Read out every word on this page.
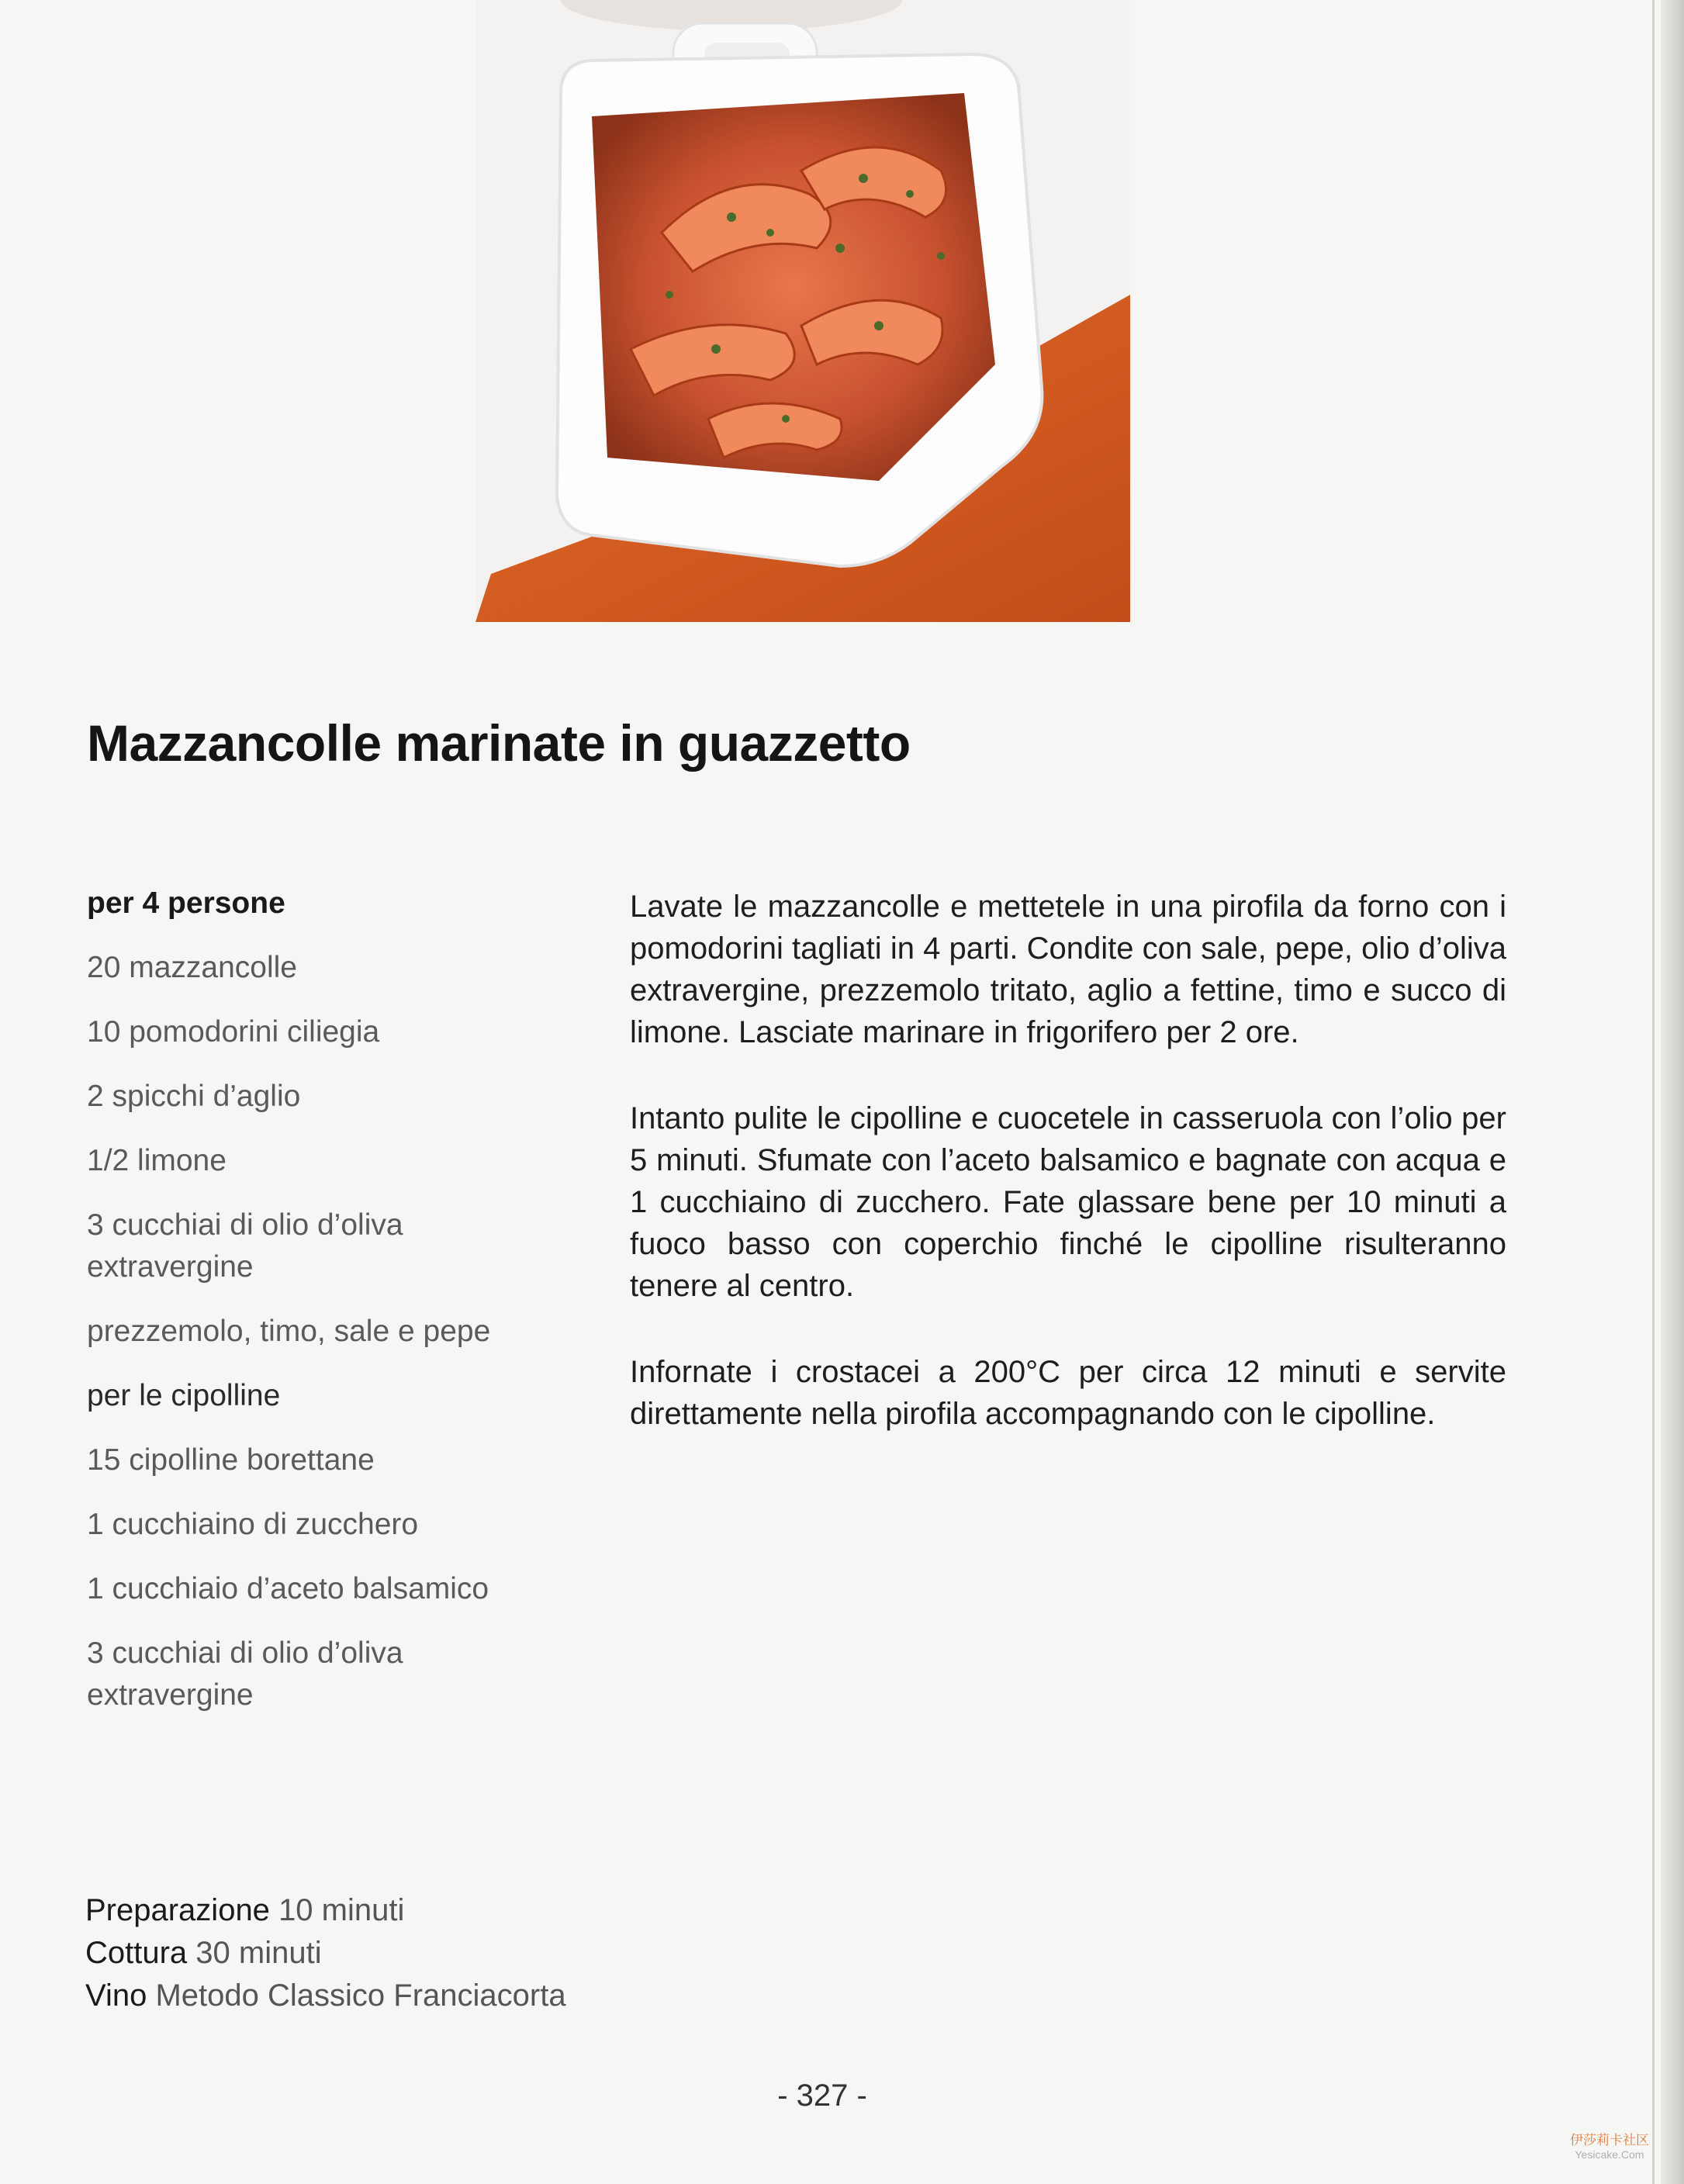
Mazzancolle marinate in guazzetto
per 4 persone
20 mazzancolle
10 pomodorini ciliegia
2 spicchi d’aglio
1/2 limone
3 cucchiai di olio d’oliva extravergine
prezzemolo, timo, sale e pepe
per le cipolline
15 cipolline borettane
1 cucchiaino di zucchero
1 cucchiaio d’aceto balsamico
3 cucchiai di olio d’oliva extravergine

Lavate le mazzancolle e mettetele in una pirofila da forno con i pomodorini tagliati in 4 parti. Condite con sale, pepe, olio d’oliva extravergine, prezzemolo tritato, aglio a fettine, timo e succo di limone. Lasciate marinare in frigorifero per 2 ore.

Intanto pulite le cipolline e cuocetele in casseruola con l’olio per 5 minuti. Sfumate con l’aceto balsamico e bagnate con acqua e 1 cucchiaino di zucchero. Fate glassare bene per 10 minuti a fuoco basso con coperchio finché le cipolline risulteranno tenere al centro.

Infornate i crostacei a 200°C per circa 12 minuti e servite direttamente nella pirofila accompagnando con le cipolline.

Preparazione 10 minuti
Cottura 30 minuti
Vino Metodo Classico Franciacorta
- 327 -
伊莎莉卡社区
Yesicake.Com
